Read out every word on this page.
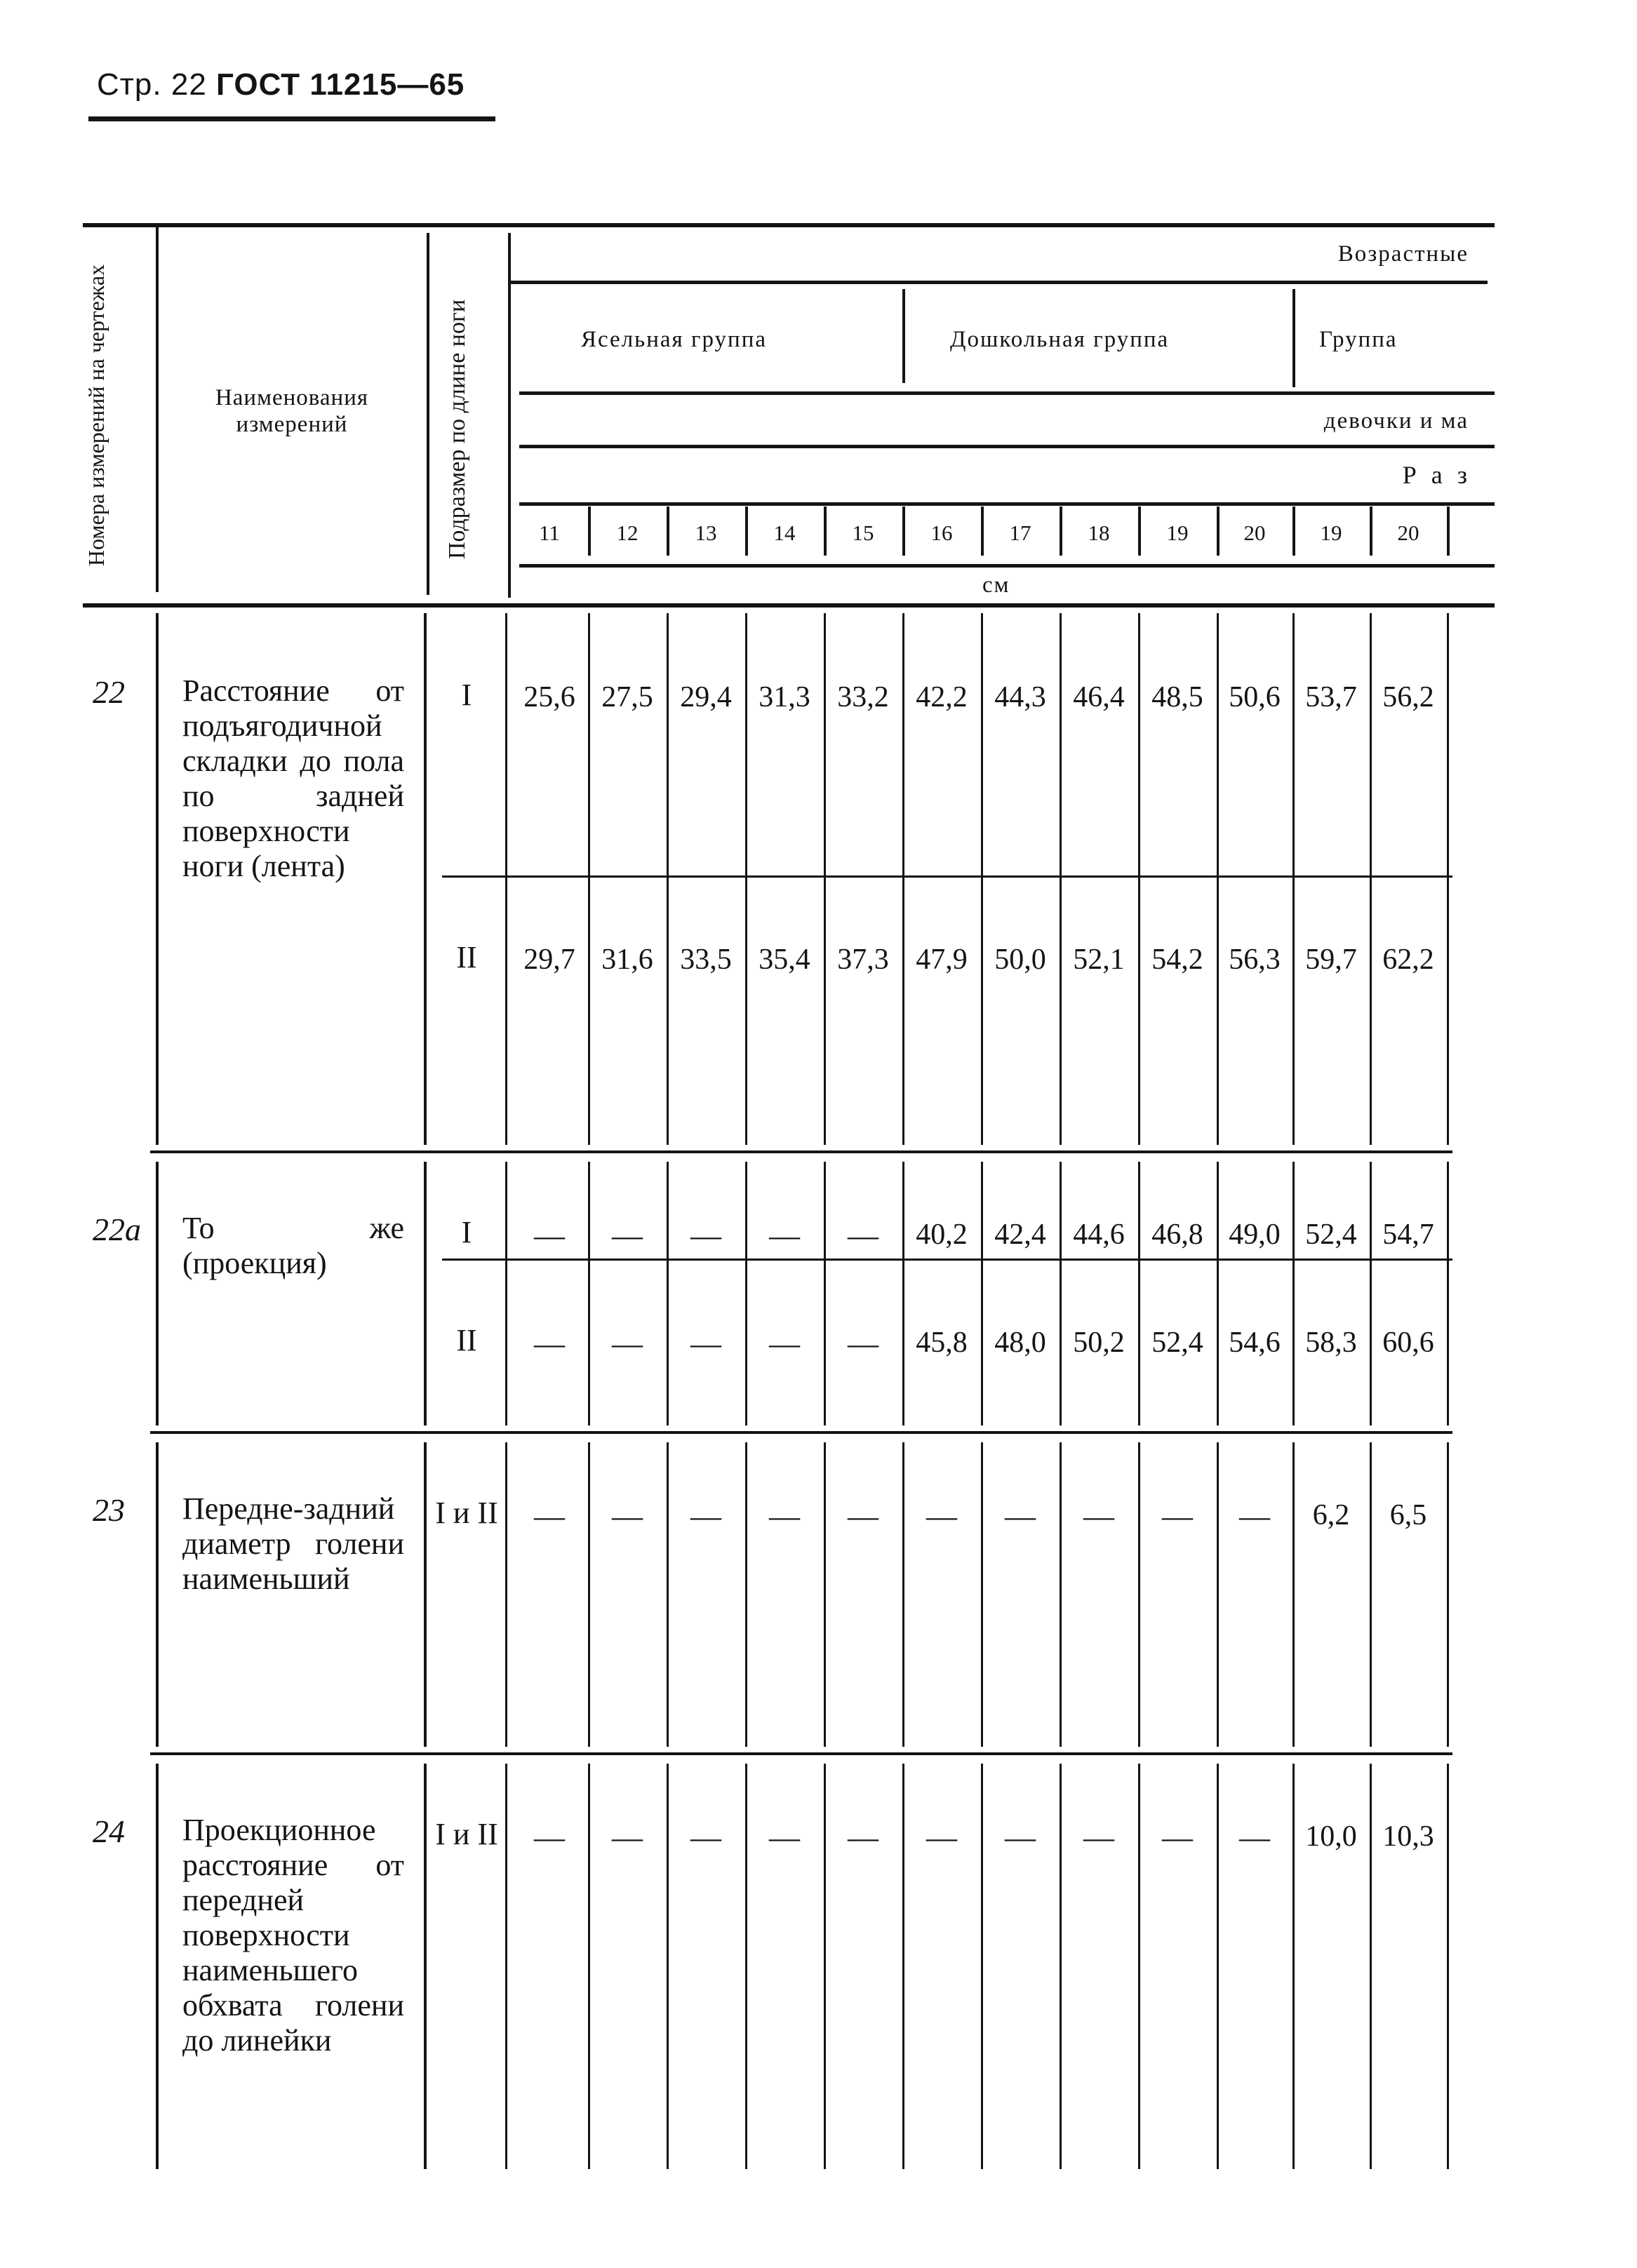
Стр. 22 ГОСТ 11215—65
Номера измерений на чертежах	Наименования измерений	Подразмер по длине ноги
Возрастные
Ясельная группа	Дошкольная группа	Группа
девочки и ма
Р а з
см
11	12	13	14	15	16	17	18	19	20	19	20
22 Расстояние от подъягодичной складки до пола по задней поверхности ноги (лента)
I	25,6 27,5 29,4 31,3 33,2 42,2 44,3 46,4 48,5 50,6 53,7 56,2
II	29,7 31,6 33,5 35,4 37,3 47,9 50,0 52,1 54,2 56,3 59,7 62,2
22а То же (проекция)
I	—	—	—	—	—	40,2 42,4 44,6 46,8 49,0 52,4 54,7
II	—	—	—	—	—	45,8 48,0 50,2 52,4 54,6 58,3 60,6
23 Передне-задний диаметр голени наименьший
I и II	—	—	—	—	—	—	—	—	—	—	6,2	6,5
24 Проекционное расстояние от передней поверхности наименьшего обхвата голени до линейки
I и II	—	—	—	—	—	—	—	—	—	—	10,0 10,3
